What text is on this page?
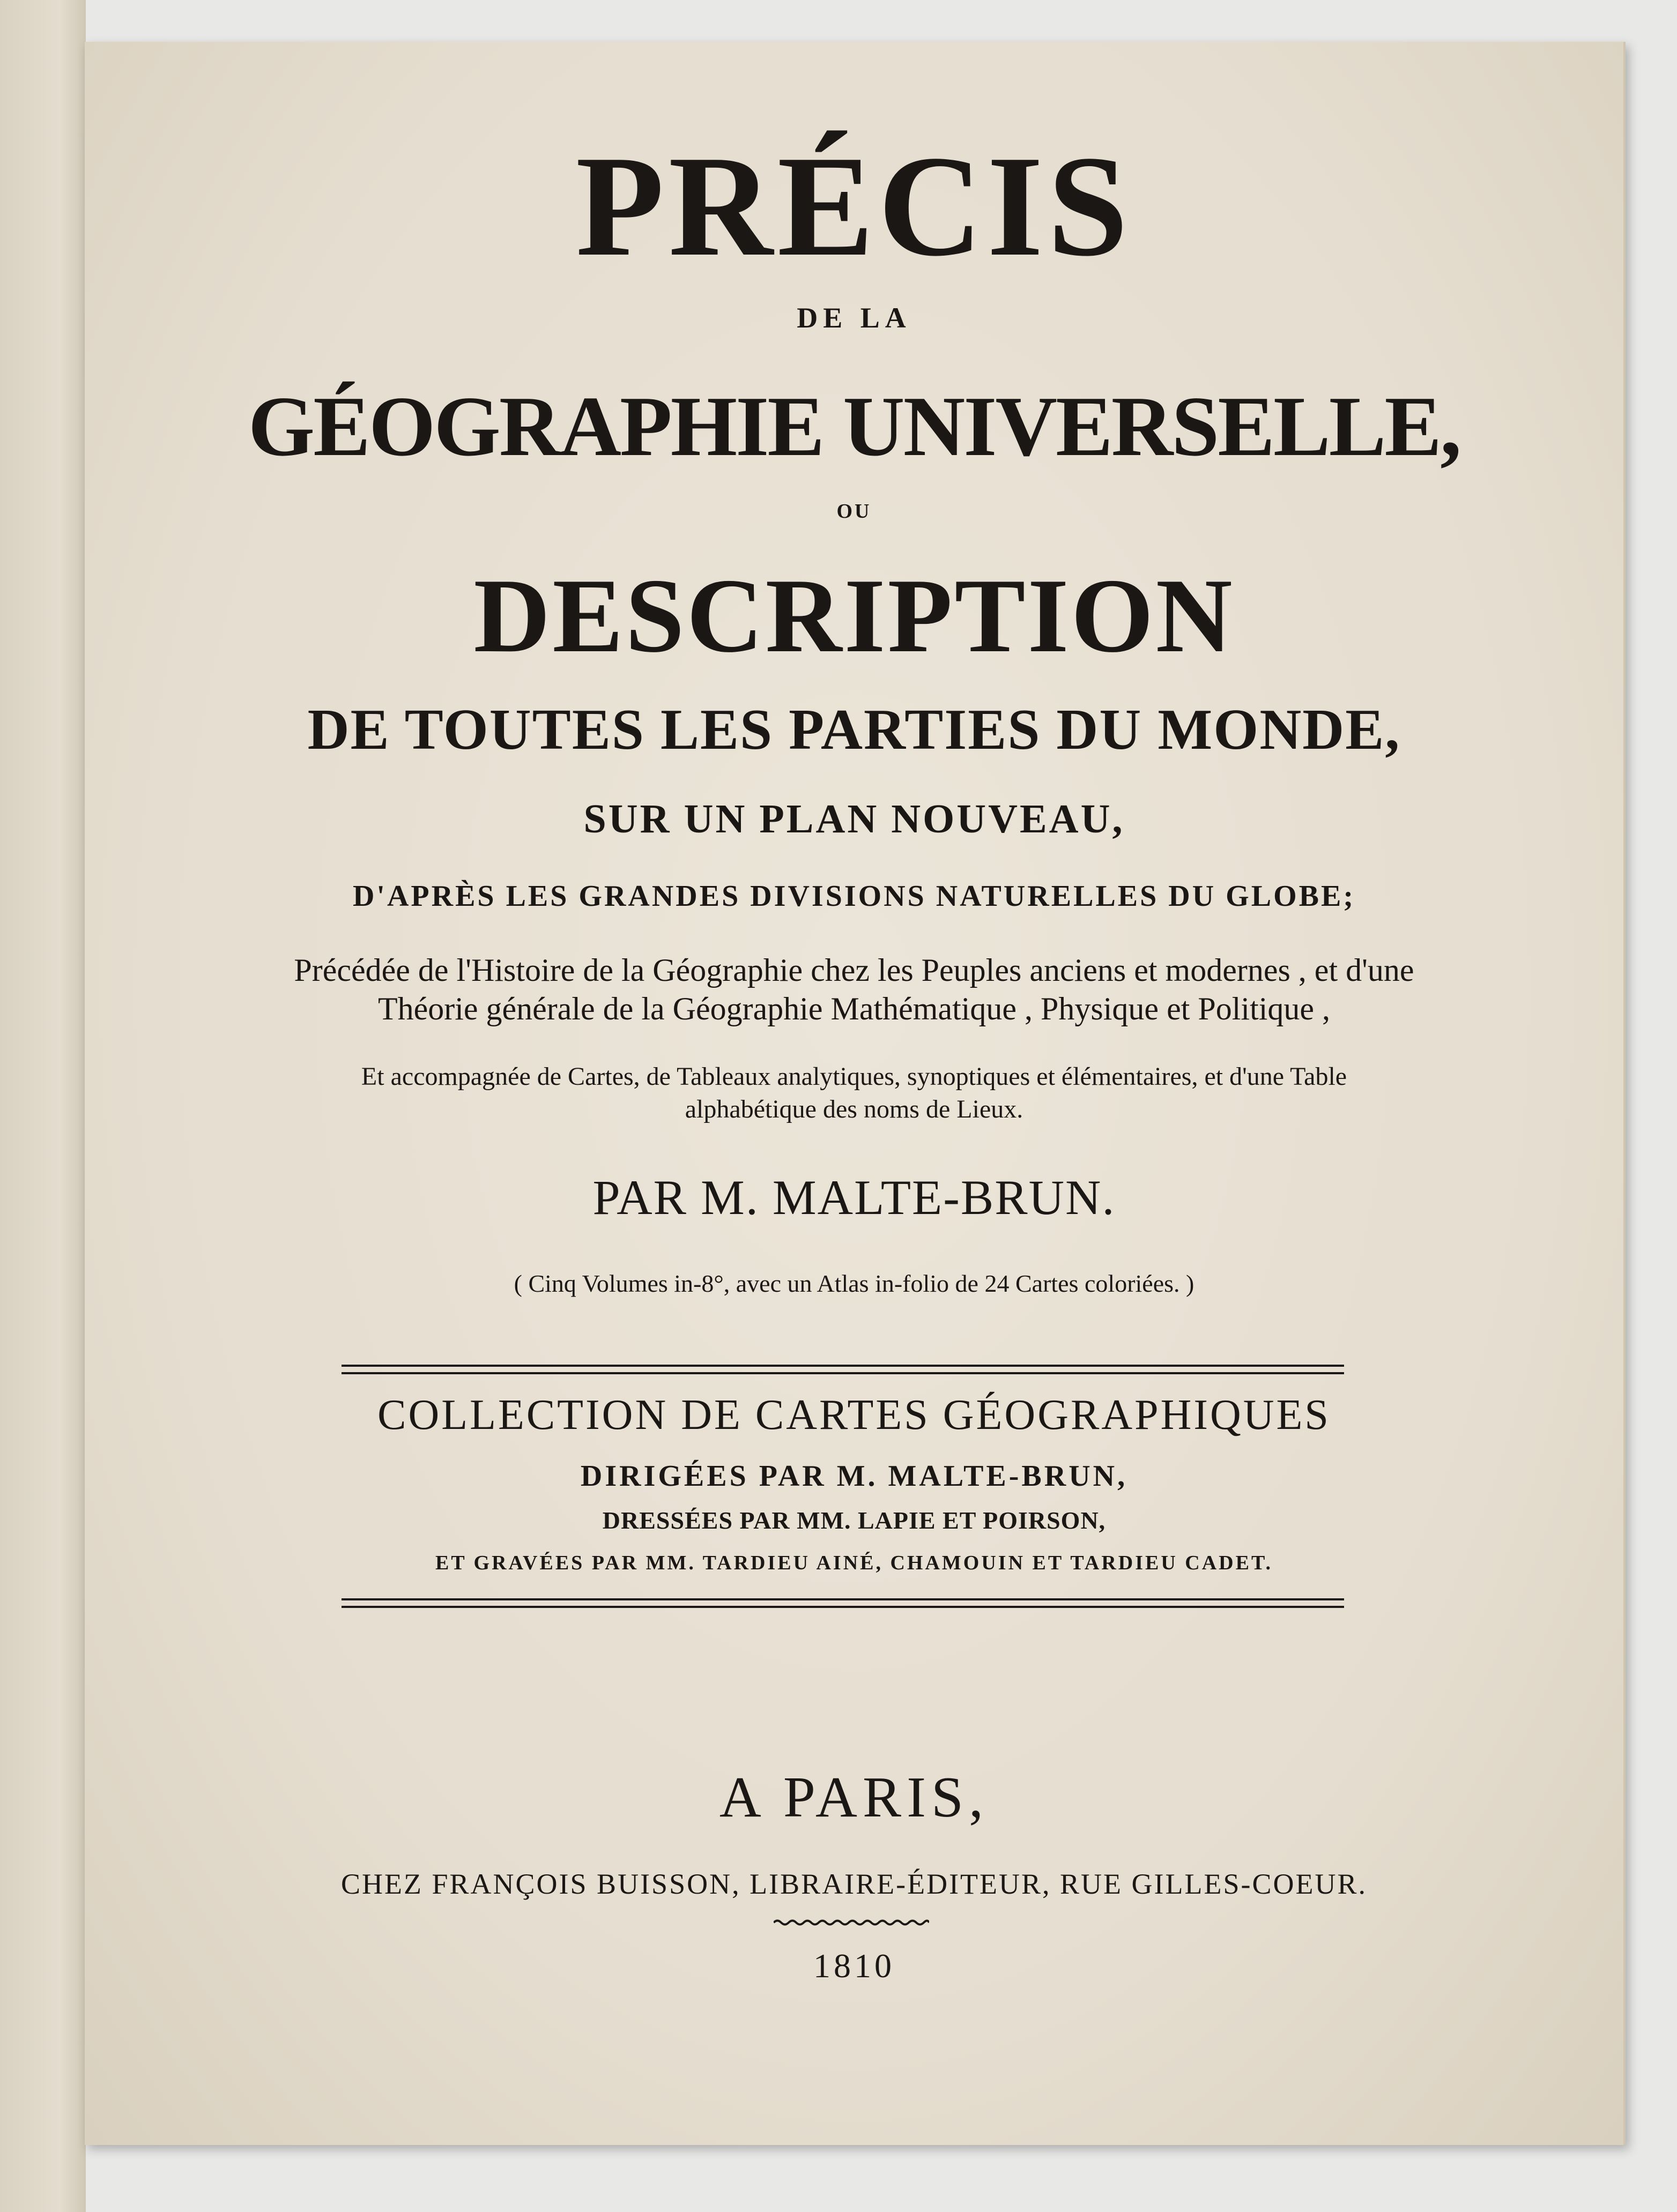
PRÉCIS
DE LA
GÉOGRAPHIE UNIVERSELLE,
OU
DESCRIPTION
DE TOUTES LES PARTIES DU MONDE,
SUR UN PLAN NOUVEAU,
D'APRÈS LES GRANDES DIVISIONS NATURELLES DU GLOBE;
Précédée de l'Histoire de la Géographie chez les Peuples anciens et modernes , et d'une
Théorie générale de la Géographie Mathématique , Physique et Politique ,
Et accompagnée de Cartes, de Tableaux analytiques, synoptiques et élémentaires, et d'une Table
alphabétique des noms de Lieux.
PAR M. MALTE-BRUN.
( Cinq Volumes in-8°, avec un Atlas in-folio de 24 Cartes coloriées. )
COLLECTION DE CARTES GÉOGRAPHIQUES
DIRIGÉES PAR M. MALTE-BRUN,
DRESSÉES PAR MM. LAPIE ET POIRSON,
ET GRAVÉES PAR MM. TARDIEU AINÉ, CHAMOUIN ET TARDIEU CADET.
A PARIS,
CHEZ FRANÇOIS BUISSON, LIBRAIRE-ÉDITEUR, RUE GILLES-COEUR.
1810
